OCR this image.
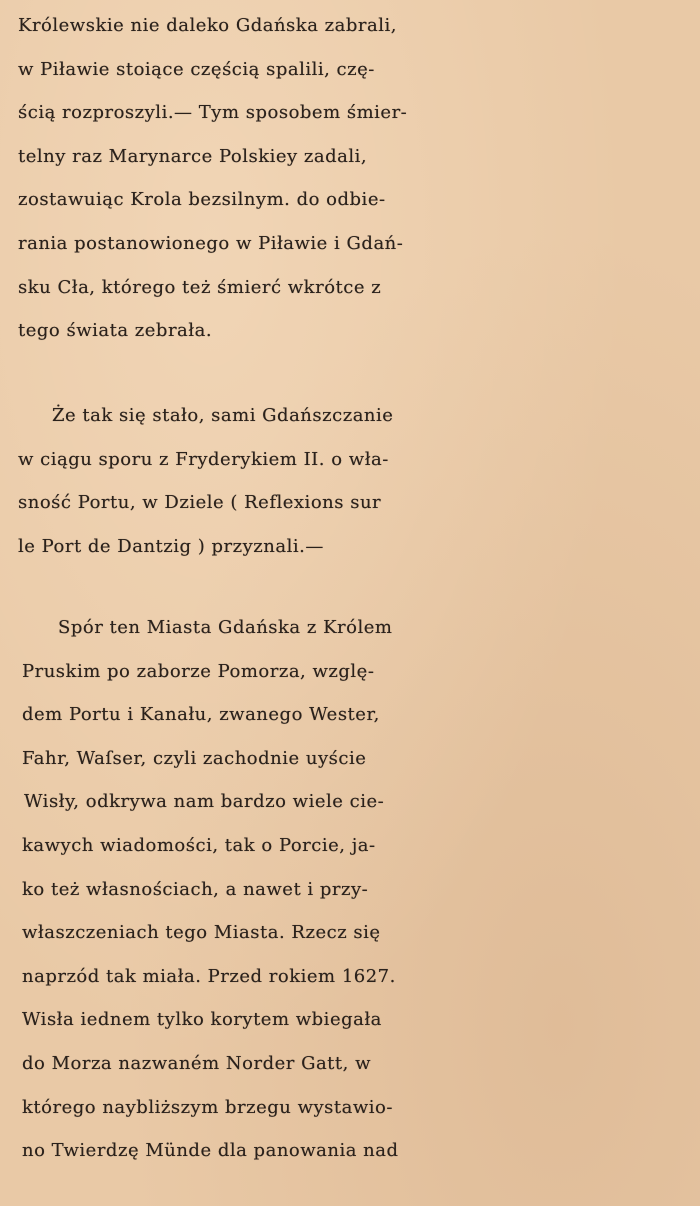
Królewskie nie daleko Gdańska zabrali,
w Piławie stoiące częścią spalili, czę-
ścią rozproszyli.— Tym sposobem śmier-
telny raz Marynarce Polskiey zadali,
zostawuiąc Krola bezsilnym. do odbie-
rania postanowionego w Piławie i Gdań-
sku Cła, którego też śmierć wkrótce z
tego świata zebrała.
Że tak się stało, sami Gdańszczanie
w ciągu sporu z Fryderykiem II. o wła-
sność Portu, w Dziele ( Reflexions sur
le Port de Dantzig ) przyznali.—
Spór ten Miasta Gdańska z Królem
Pruskim po zaborze Pomorza, wzglę-
dem Portu i Kanału, zwanego Wester,
Fahr, Waſser, czyli zachodnie uyście
Wisły, odkrywa nam bardzo wiele cie-
kawych wiadomości, tak o Porcie, ja-
ko też własnościach, a nawet i przy-
właszczeniach tego Miasta. Rzecz się
naprzód tak miała. Przed rokiem 1627.
Wisła iednem tylko korytem wbiegała
do Morza nazwaném Norder Gatt, w
którego naybliższym brzegu wystawio-
no Twierdzę Münde dla panowania nad
